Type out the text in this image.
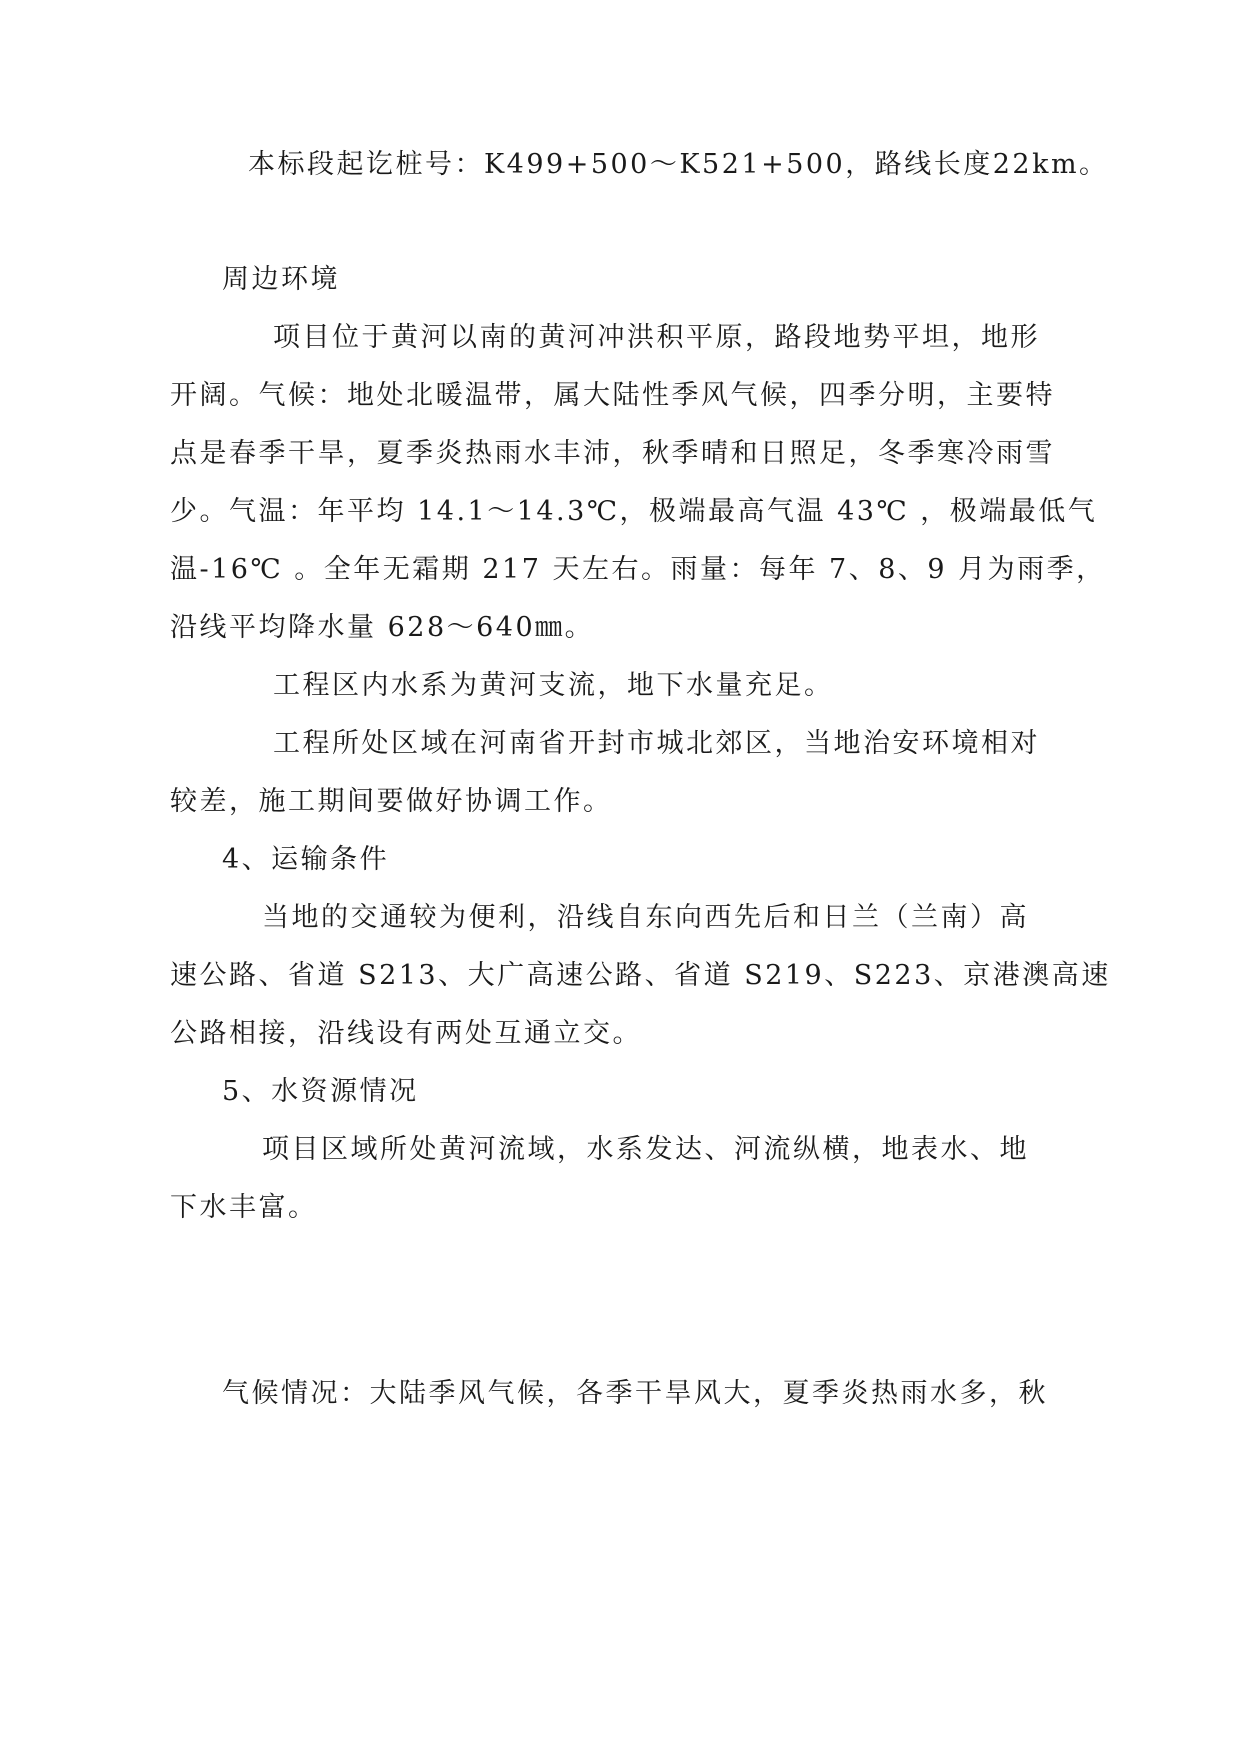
本标段起讫桩号：K499+500～K521+500，路线长度22km。
周边环境
项目位于黄河以南的黄河冲洪积平原，路段地势平坦，地形
开阔。气候：地处北暖温带，属大陆性季风气候，四季分明，主要特
点是春季干旱，夏季炎热雨水丰沛，秋季晴和日照足，冬季寒冷雨雪
少。气温：年平均 14.1～14.3℃，极端最高气温 43℃ ，极端最低气
温-16℃ 。全年无霜期 217 天左右。雨量：每年 7、8、9 月为雨季，
沿线平均降水量 628～640㎜。
工程区内水系为黄河支流，地下水量充足。
工程所处区域在河南省开封市城北郊区，当地治安环境相对
较差，施工期间要做好协调工作。
4、运输条件
当地的交通较为便利，沿线自东向西先后和日兰（兰南）高
速公路、省道 S213、大广高速公路、省道 S219、S223、京港澳高速
公路相接，沿线设有两处互通立交。
5、水资源情况
项目区域所处黄河流域，水系发达、河流纵横，地表水、地
下水丰富。
气候情况：大陆季风气候，各季干旱风大，夏季炎热雨水多，秋
